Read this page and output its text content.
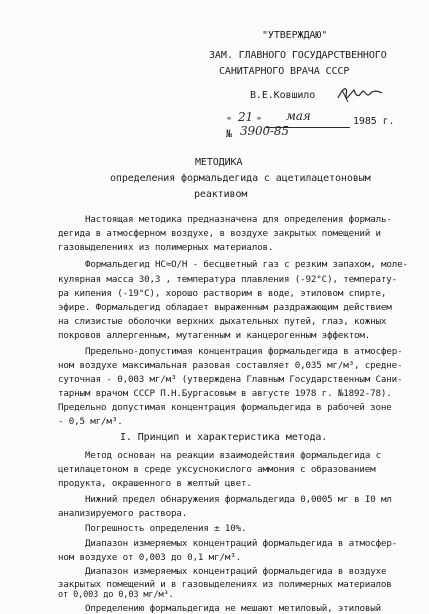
"УТВЕРЖДАЮ"
ЗАМ. ГЛАВНОГО ГОСУДАРСТВЕННОГО
САНИТАРНОГО ВРАЧА СССР
В.Е.Ковшило
" 21 " мая	1985 г.
№ 3900-85
МЕТОДИКА
определения формальдегида с ацетилацетоновым
реактивом
Настоящая методика предназначена для определения формаль-
дегида в атмосферном воздухе, в воздухе закрытых помещений и
газовыделениях из полимерных материалов.
Формальдегид HC≈O/H - бесцветный газ с резким запахом, моле-
кулярная масса 30,3 , температура плавления (-92°С), температу-
ра кипения (-19°С), хорошо растворим в воде, этиловом спирте,
эфире. Формальдегид обладает выраженным раздражающим действием
на слизистые оболочки верхних дыхательных путей, глаз, кожных
покровов аллергенным, мутагенным и канцерогенным эффектом.
Предельно-допустимая концентрация формальдегида в атмосфер-
ном воздухе максимальная разовая составляет 0,035 мг/м³, средне-
суточная - 0,003 мг/м³ (утверждена Главным Государственным Сани-
тарным врачом СССР П.Н.Бургасовым в августе 1978 г. №1892-78).
Предельно допустимая концентрация формальдегида в рабочей зоне
- 0,5 мг/м³.
I. Принцип и характеристика метода.
Метод основан на реакции взаимодействия формальдегида с
цетилацетоном в среде уксуснокислого аммония с образованием
продукта, окрашенного в желтый цвет.
Нижний предел обнаружения формальдегида 0,0005 мг в I0 мл
анализируемого раствора.
Погрешность определения ± 10%.
Диапазон измеряемых концентраций формальдегида в атмосфер-
ном воздухе от 0,003 до 0,1 мг/м³.
Диапазон измеряемых концентраций формальдегида в воздухе
закрытых помещений и в газовыделениях из полимерных материалов
от 0,003 до 0,03 мг/м³.
Определению формальдегида не мешают метиловый, этиловый
